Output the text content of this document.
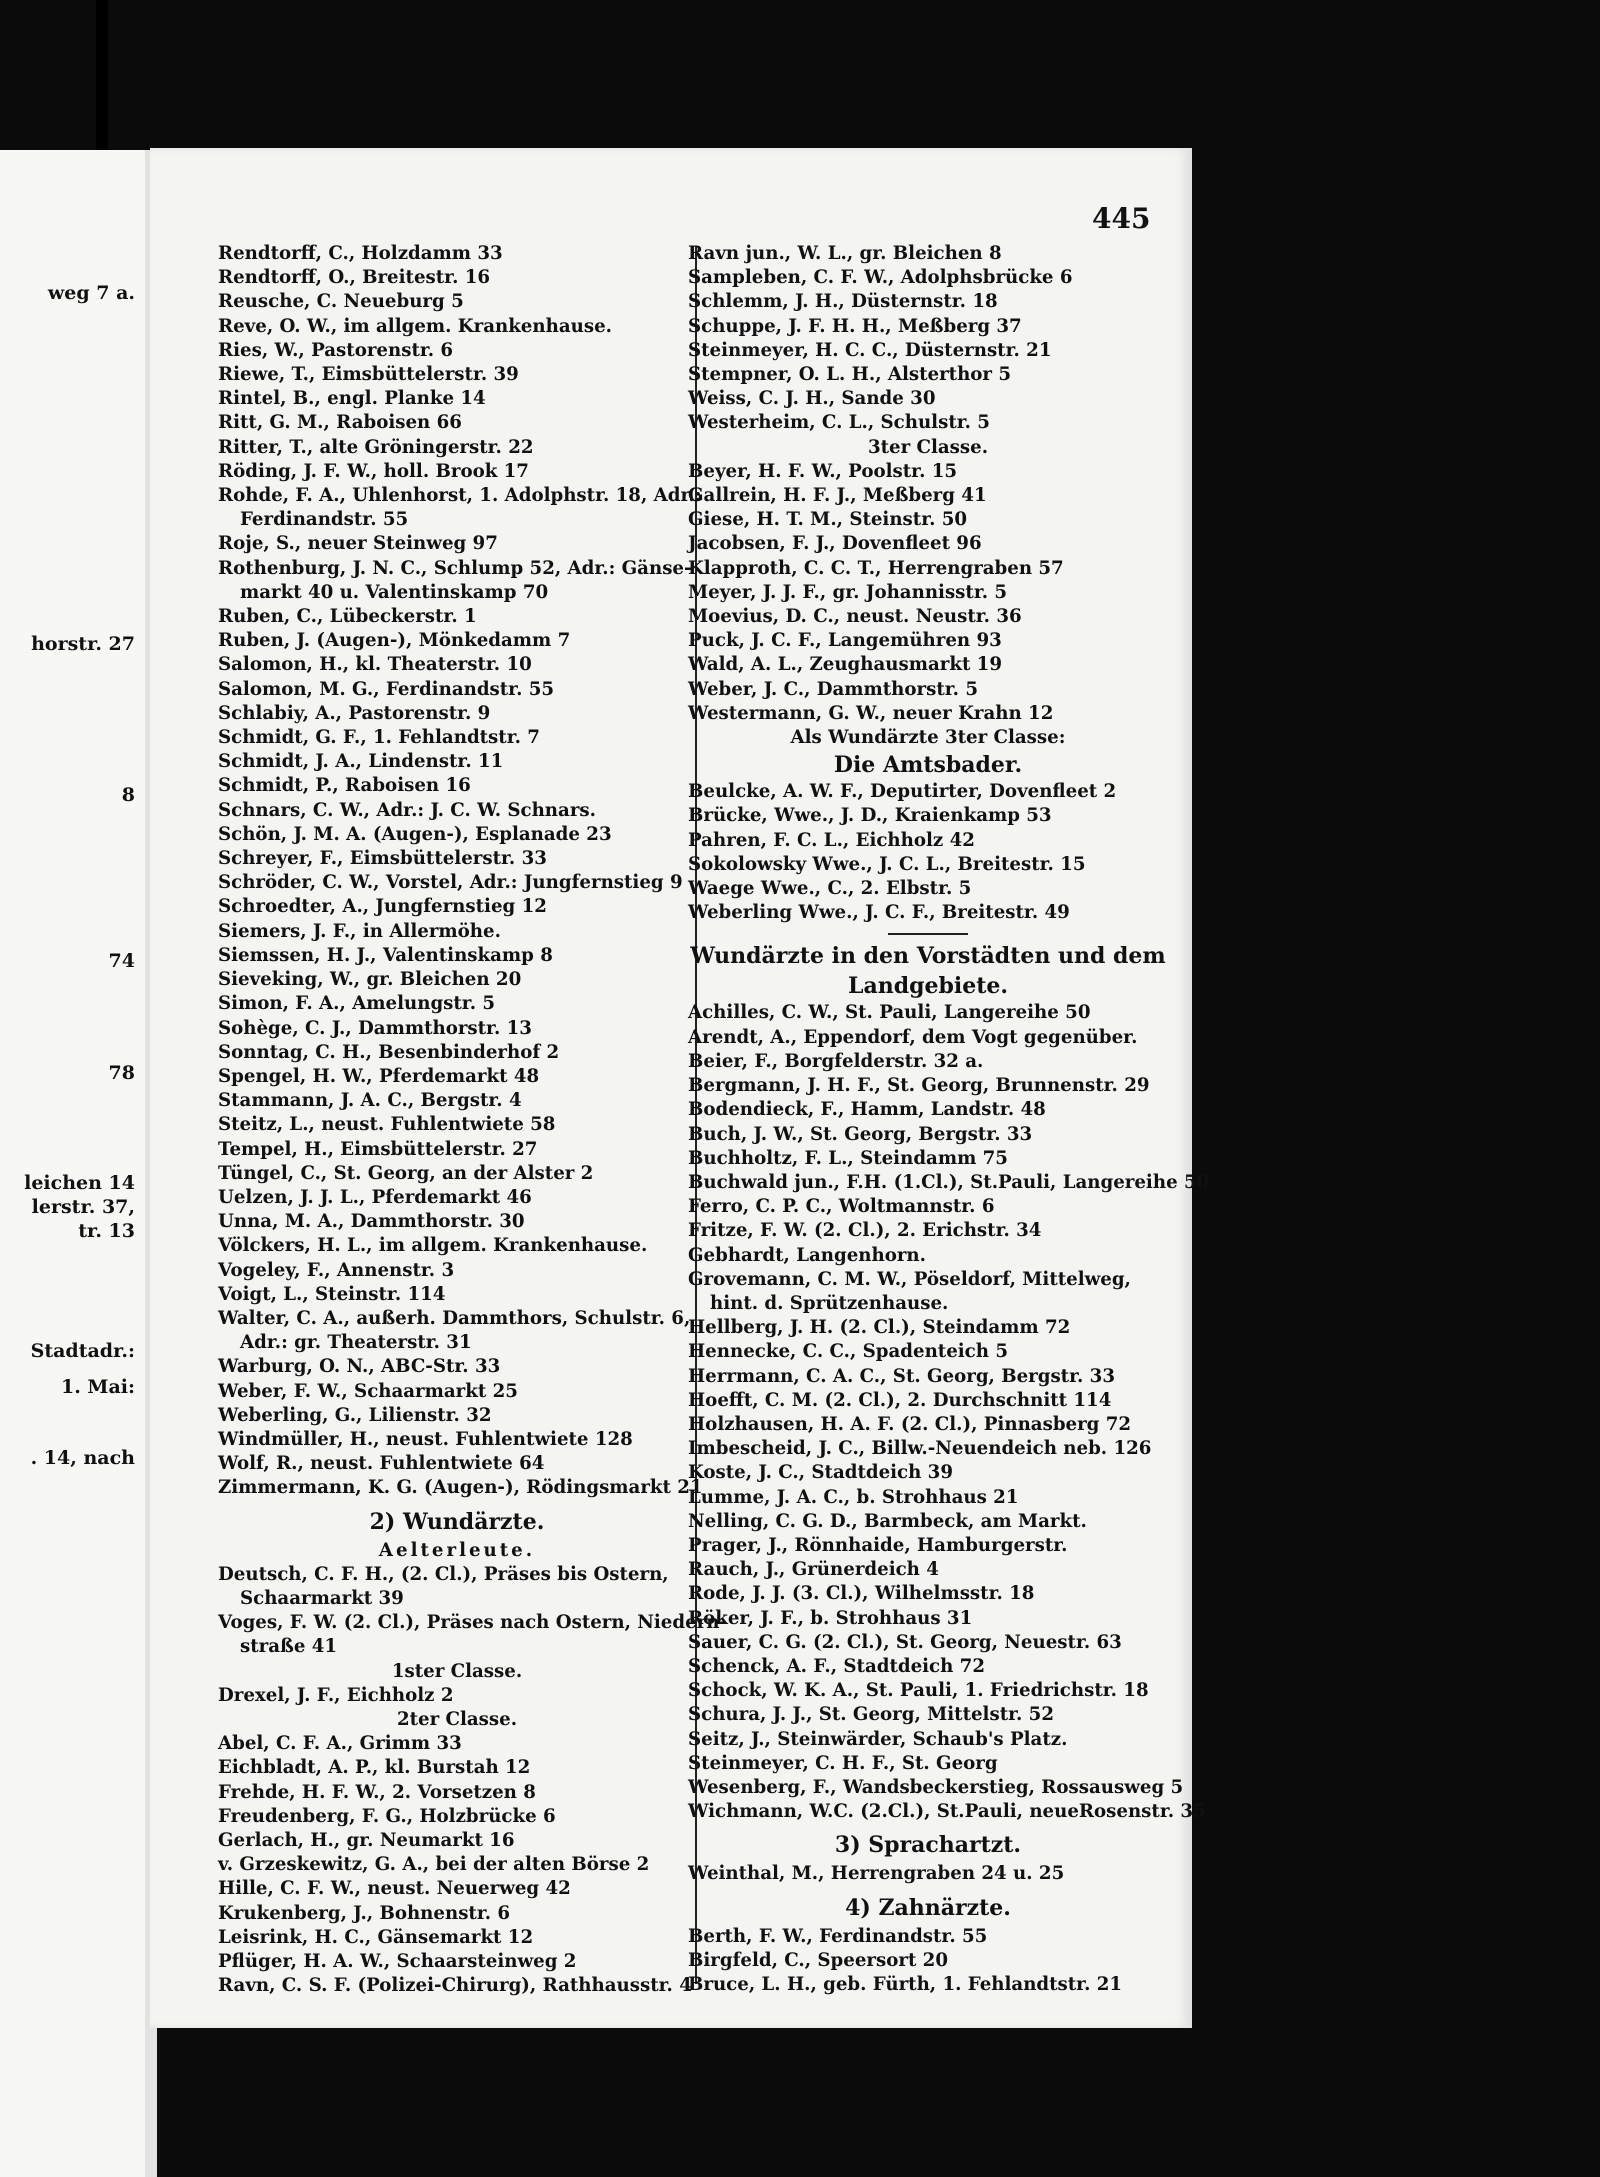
weg 7 a.
horstr. 27
8
74
78
leichen 14
lerstr. 37,
tr. 13
Stadtadr.:
1. Mai:
. 14, nach
445
Rendtorff, C., Holzdamm 33
Rendtorff, O., Breitestr. 16
Reusche, C. Neueburg 5
Reve, O. W., im allgem. Krankenhause.
Ries, W., Pastorenstr. 6
Riewe, T., Eimsbüttelerstr. 39
Rintel, B., engl. Planke 14
Ritt, G. M., Raboisen 66
Ritter, T., alte Gröningerstr. 22
Röding, J. F. W., holl. Brook 17
Rohde, F. A., Uhlenhorst, 1. Adolphstr. 18, Adr.:
Ferdinandstr. 55
Roje, S., neuer Steinweg 97
Rothenburg, J. N. C., Schlump 52, Adr.: Gänse-
markt 40 u. Valentinskamp 70
Ruben, C., Lübeckerstr. 1
Ruben, J. (Augen-), Mönkedamm 7
Salomon, H., kl. Theaterstr. 10
Salomon, M. G., Ferdinandstr. 55
Schlabiy, A., Pastorenstr. 9
Schmidt, G. F., 1. Fehlandtstr. 7
Schmidt, J. A., Lindenstr. 11
Schmidt, P., Raboisen 16
Schnars, C. W., Adr.: J. C. W. Schnars.
Schön, J. M. A. (Augen-), Esplanade 23
Schreyer, F., Eimsbüttelerstr. 33
Schröder, C. W., Vorstel, Adr.: Jungfernstieg 9
Schroedter, A., Jungfernstieg 12
Siemers, J. F., in Allermöhe.
Siemssen, H. J., Valentinskamp 8
Sieveking, W., gr. Bleichen 20
Simon, F. A., Amelungstr. 5
Sohège, C. J., Dammthorstr. 13
Sonntag, C. H., Besenbinderhof 2
Spengel, H. W., Pferdemarkt 48
Stammann, J. A. C., Bergstr. 4
Steitz, L., neust. Fuhlentwiete 58
Tempel, H., Eimsbüttelerstr. 27
Tüngel, C., St. Georg, an der Alster 2
Uelzen, J. J. L., Pferdemarkt 46
Unna, M. A., Dammthorstr. 30
Völckers, H. L., im allgem. Krankenhause.
Vogeley, F., Annenstr. 3
Voigt, L., Steinstr. 114
Walter, C. A., außerh. Dammthors, Schulstr. 6,
Adr.: gr. Theaterstr. 31
Warburg, O. N., ABC-Str. 33
Weber, F. W., Schaarmarkt 25
Weberling, G., Lilienstr. 32
Windmüller, H., neust. Fuhlentwiete 128
Wolf, R., neust. Fuhlentwiete 64
Zimmermann, K. G. (Augen-), Rödingsmarkt 21
2) Wundärzte.
Aelterleute.
Deutsch, C. F. H., (2. Cl.), Präses bis Ostern,
Schaarmarkt 39
Voges, F. W. (2. Cl.), Präses nach Ostern, Niedern-
straße 41
1ster Classe.
Drexel, J. F., Eichholz 2
2ter Classe.
Abel, C. F. A., Grimm 33
Eichbladt, A. P., kl. Burstah 12
Frehde, H. F. W., 2. Vorsetzen 8
Freudenberg, F. G., Holzbrücke 6
Gerlach, H., gr. Neumarkt 16
v. Grzeskewitz, G. A., bei der alten Börse 2
Hille, C. F. W., neust. Neuerweg 42
Krukenberg, J., Bohnenstr. 6
Leisrink, H. C., Gänsemarkt 12
Pflüger, H. A. W., Schaarsteinweg 2
Ravn, C. S. F. (Polizei-Chirurg), Rathhausstr. 4
Ravn jun., W. L., gr. Bleichen 8
Sampleben, C. F. W., Adolphsbrücke 6
Schlemm, J. H., Düsternstr. 18
Schuppe, J. F. H. H., Meßberg 37
Steinmeyer, H. C. C., Düsternstr. 21
Stempner, O. L. H., Alsterthor 5
Weiss, C. J. H., Sande 30
Westerheim, C. L., Schulstr. 5
3ter Classe.
Beyer, H. F. W., Poolstr. 15
Gallrein, H. F. J., Meßberg 41
Giese, H. T. M., Steinstr. 50
Jacobsen, F. J., Dovenfleet 96
Klapproth, C. C. T., Herrengraben 57
Meyer, J. J. F., gr. Johannisstr. 5
Moevius, D. C., neust. Neustr. 36
Puck, J. C. F., Langemühren 93
Wald, A. L., Zeughausmarkt 19
Weber, J. C., Dammthorstr. 5
Westermann, G. W., neuer Krahn 12
Als Wundärzte 3ter Classe:
Die Amtsbader.
Beulcke, A. W. F., Deputirter, Dovenfleet 2
Brücke, Wwe., J. D., Kraienkamp 53
Pahren, F. C. L., Eichholz 42
Sokolowsky Wwe., J. C. L., Breitestr. 15
Waege Wwe., C., 2. Elbstr. 5
Weberling Wwe., J. C. F., Breitestr. 49
Wundärzte in den Vorstädten und dem
Landgebiete.
Achilles, C. W., St. Pauli, Langereihe 50
Arendt, A., Eppendorf, dem Vogt gegenüber.
Beier, F., Borgfelderstr. 32 a.
Bergmann, J. H. F., St. Georg, Brunnenstr. 29
Bodendieck, F., Hamm, Landstr. 48
Buch, J. W., St. Georg, Bergstr. 33
Buchholtz, F. L., Steindamm 75
Buchwald jun., F.H. (1.Cl.), St.Pauli, Langereihe 50
Ferro, C. P. C., Woltmannstr. 6
Fritze, F. W. (2. Cl.), 2. Erichstr. 34
Gebhardt, Langenhorn.
Grovemann, C. M. W., Pöseldorf, Mittelweg,
hint. d. Sprützenhause.
Hellberg, J. H. (2. Cl.), Steindamm 72
Hennecke, C. C., Spadenteich 5
Herrmann, C. A. C., St. Georg, Bergstr. 33
Hoefft, C. M. (2. Cl.), 2. Durchschnitt 114
Holzhausen, H. A. F. (2. Cl.), Pinnasberg 72
Imbescheid, J. C., Billw.-Neuendeich neb. 126
Koste, J. C., Stadtdeich 39
Lumme, J. A. C., b. Strohhaus 21
Nelling, C. G. D., Barmbeck, am Markt.
Prager, J., Rönnhaide, Hamburgerstr.
Rauch, J., Grünerdeich 4
Rode, J. J. (3. Cl.), Wilhelmsstr. 18
Röker, J. F., b. Strohhaus 31
Sauer, C. G. (2. Cl.), St. Georg, Neuestr. 63
Schenck, A. F., Stadtdeich 72
Schock, W. K. A., St. Pauli, 1. Friedrichstr. 18
Schura, J. J., St. Georg, Mittelstr. 52
Seitz, J., Steinwärder, Schaub's Platz.
Steinmeyer, C. H. F., St. Georg
Wesenberg, F., Wandsbeckerstieg, Rossausweg 5
Wichmann, W.C. (2.Cl.), St.Pauli, neueRosenstr. 35
3) Sprachartzt.
Weinthal, M., Herrengraben 24 u. 25
4) Zahnärzte.
Berth, F. W., Ferdinandstr. 55
Birgfeld, C., Speersort 20
Bruce, L. H., geb. Fürth, 1. Fehlandtstr. 21
